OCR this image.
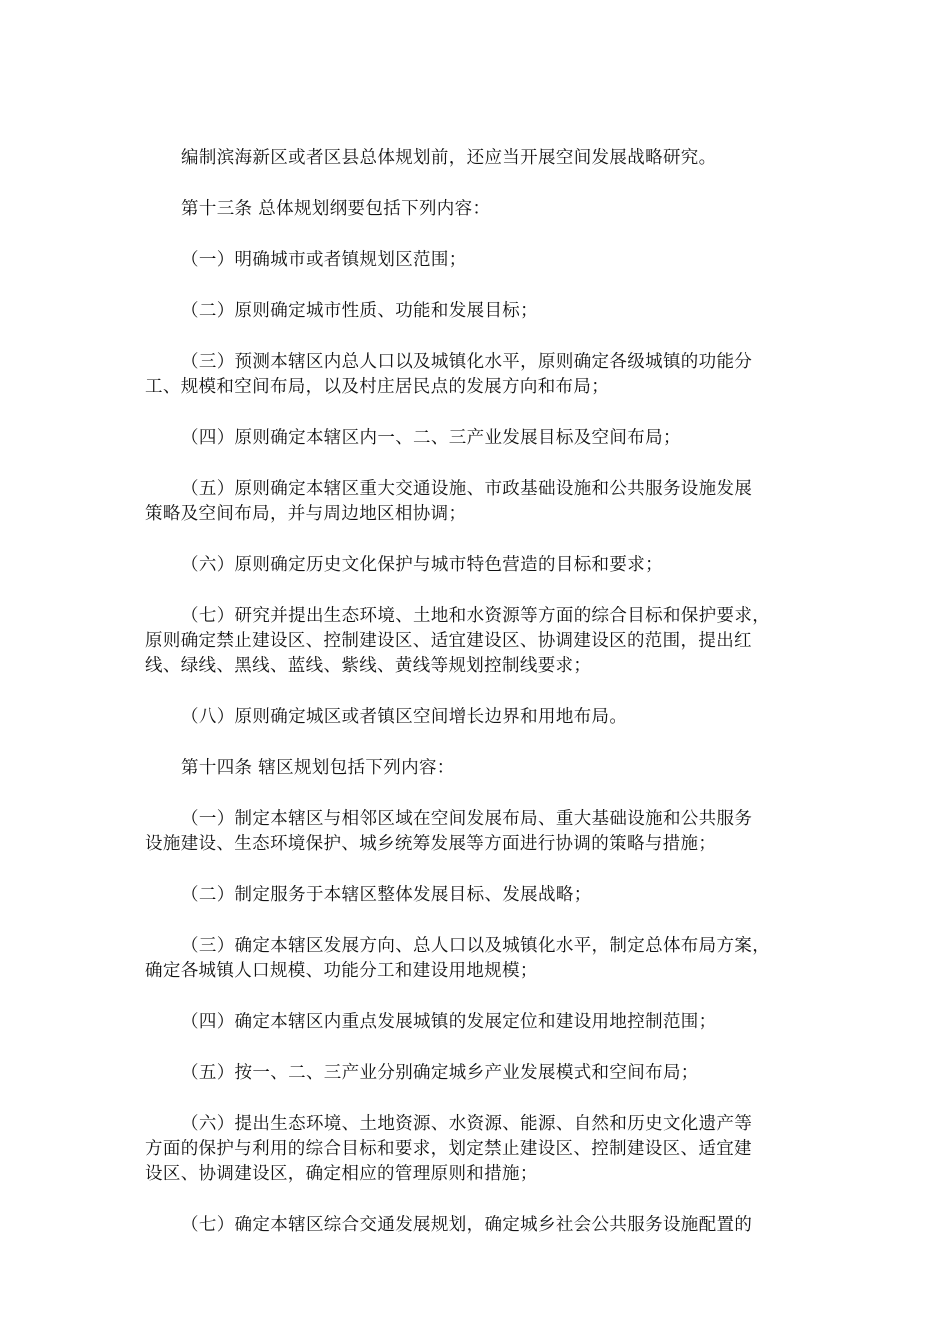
编制滨海新区或者区县总体规划前，还应当开展空间发展战略研究。

第十三条 总体规划纲要包括下列内容：

（一）明确城市或者镇规划区范围；

（二）原则确定城市性质、功能和发展目标；

（三）预测本辖区内总人口以及城镇化水平，原则确定各级城镇的功能分
工、规模和空间布局，以及村庄居民点的发展方向和布局；

（四）原则确定本辖区内一、二、三产业发展目标及空间布局；

（五）原则确定本辖区重大交通设施、市政基础设施和公共服务设施发展
策略及空间布局，并与周边地区相协调；

（六）原则确定历史文化保护与城市特色营造的目标和要求；

（七）研究并提出生态环境、土地和水资源等方面的综合目标和保护要求，
原则确定禁止建设区、控制建设区、适宜建设区、协调建设区的范围，提出红
线、绿线、黑线、蓝线、紫线、黄线等规划控制线要求；

（八）原则确定城区或者镇区空间增长边界和用地布局。

第十四条 辖区规划包括下列内容：

（一）制定本辖区与相邻区域在空间发展布局、重大基础设施和公共服务
设施建设、生态环境保护、城乡统筹发展等方面进行协调的策略与措施；

（二）制定服务于本辖区整体发展目标、发展战略；

（三）确定本辖区发展方向、总人口以及城镇化水平，制定总体布局方案，
确定各城镇人口规模、功能分工和建设用地规模；

（四）确定本辖区内重点发展城镇的发展定位和建设用地控制范围；

（五）按一、二、三产业分别确定城乡产业发展模式和空间布局；

（六）提出生态环境、土地资源、水资源、能源、自然和历史文化遗产等
方面的保护与利用的综合目标和要求，划定禁止建设区、控制建设区、适宜建
设区、协调建设区，确定相应的管理原则和措施；

（七）确定本辖区综合交通发展规划，确定城乡社会公共服务设施配置的
